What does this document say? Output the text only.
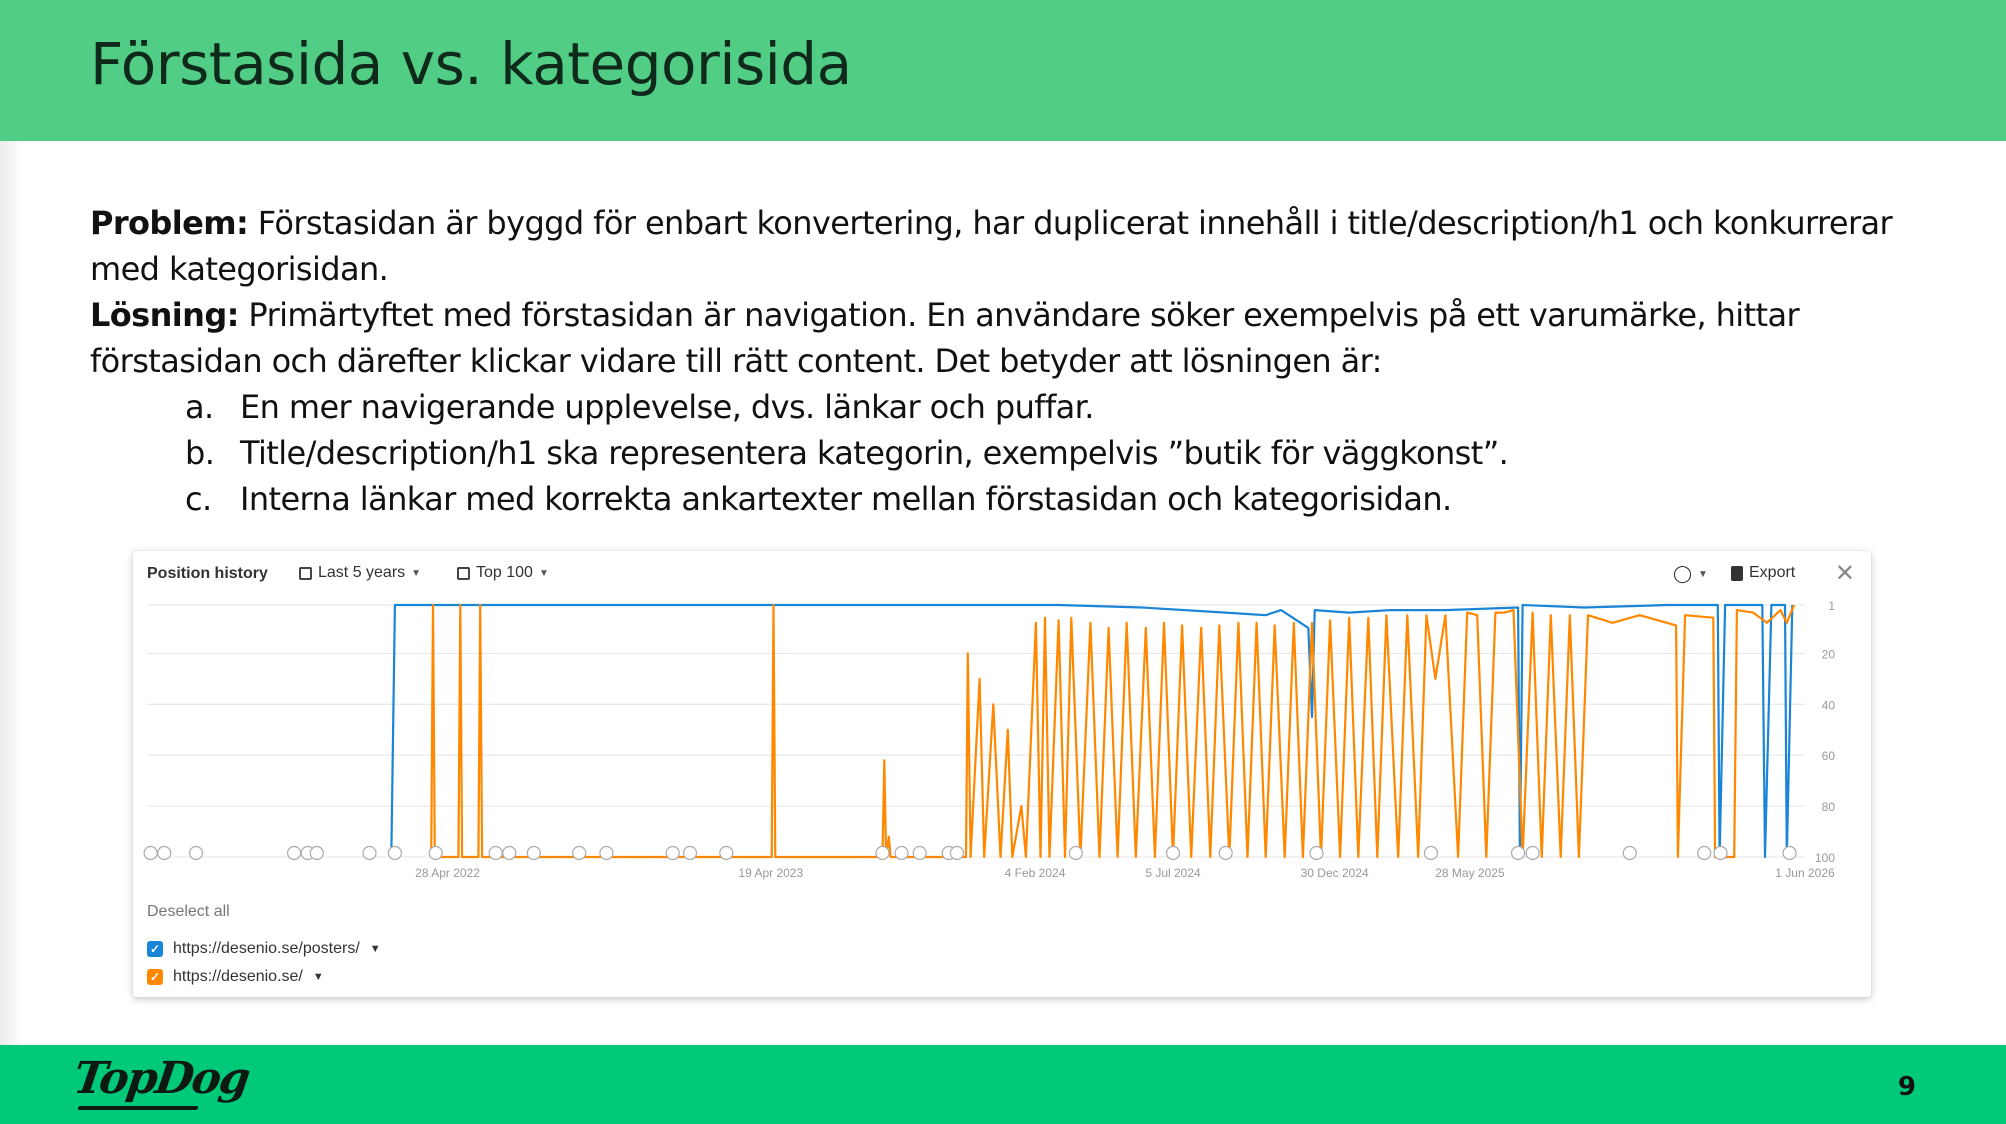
Förstasida vs. kategorisida

Problem: Förstasidan är byggd för enbart konvertering, har duplicerat innehåll i title/description/h1 och konkurrerar med kategorisidan.

Lösning: Primärtyftet med förstasidan är navigation. En användare söker exempelvis på ett varumärke, hittar förstasidan och därefter klickar vidare till rätt content. Det betyder att lösningen är:

a. En mer navigerande upplevelse, dvs. länkar och puffar.
b. Title/description/h1 ska representera kategorin, exempelvis ”butik för väggkonst”.
c. Interna länkar med korrekta ankartexter mellan förstasidan och kategorisidan.
Position history	Last 5 years ▼	Top 100 ▼	◯ ▼	Export ✕
1
20
40
60
80
100
28 Apr 2022	19 Apr 2023	4 Feb 2024	5 Jul 2024	30 Dec 2024	28 May 2025	1 Jun 2026
Deselect all
✓ https://desenio.se/posters/ ▼
✓ https://desenio.se/ ▼
TopDog	9
